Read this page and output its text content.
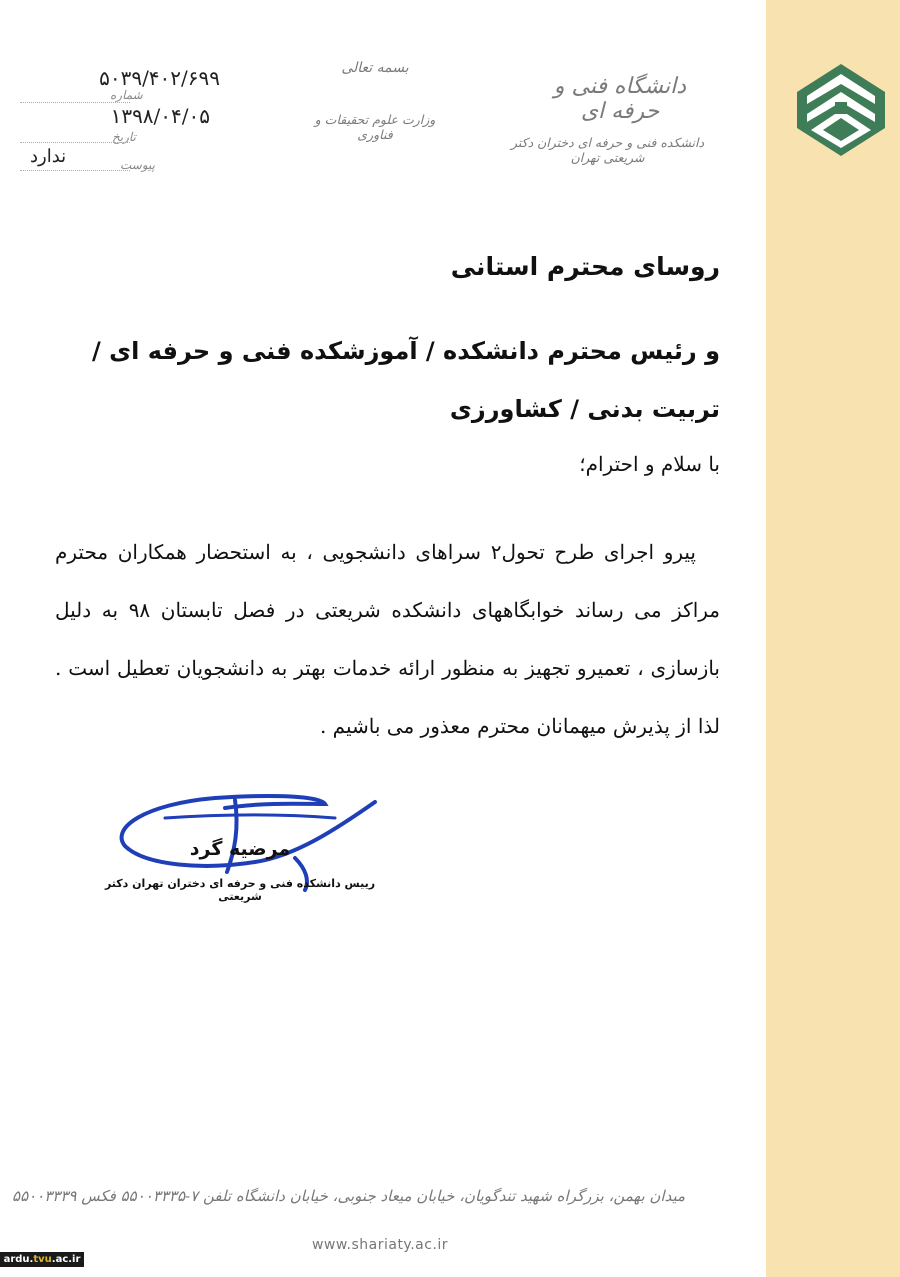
دانشگاه فنی و حرفه ای
دانشکده فنی و حرفه ای دختران دکتر شریعتی تهران
بسمه تعالی
وزارت علوم تحقیقات و فناوری
۵۰۳۹/۴۰۲/۶۹۹
شماره
۱۳۹۸/۰۴/۰۵
تاریخ
ندارد	پیوست
روسای محترم استانی
و رئیس محترم دانشکده / آموزشکده فنی و حرفه ای / تربیت بدنی / کشاورزی
با سلام و احترام؛
پیرو اجرای طرح تحول۲ سراهای دانشجویی ، به استحضار همکاران محترم مراکز می رساند خوابگاههای دانشکده شریعتی در فصل تابستان ۹۸ به دلیل بازسازی ، تعمیرو تجهیز به منظور ارائه خدمات بهتر به دانشجویان تعطیل است . لذا از پذیرش میهمانان محترم معذور می باشیم .
مرضیه گرد
رییس دانشکده فنی و حرفه ای دختران تهران دکتر شریعتی
میدان بهمن، بزرگراه شهید تندگویان، خیابان میعاد جنوبی، خیابان دانشگاه تلفن ۷-۵۵۰۰۳۳۳۵ فکس ۵۵۰۰۳۳۳۹
www.shariaty.ac.ir
ardu.tvu.ac.ir
